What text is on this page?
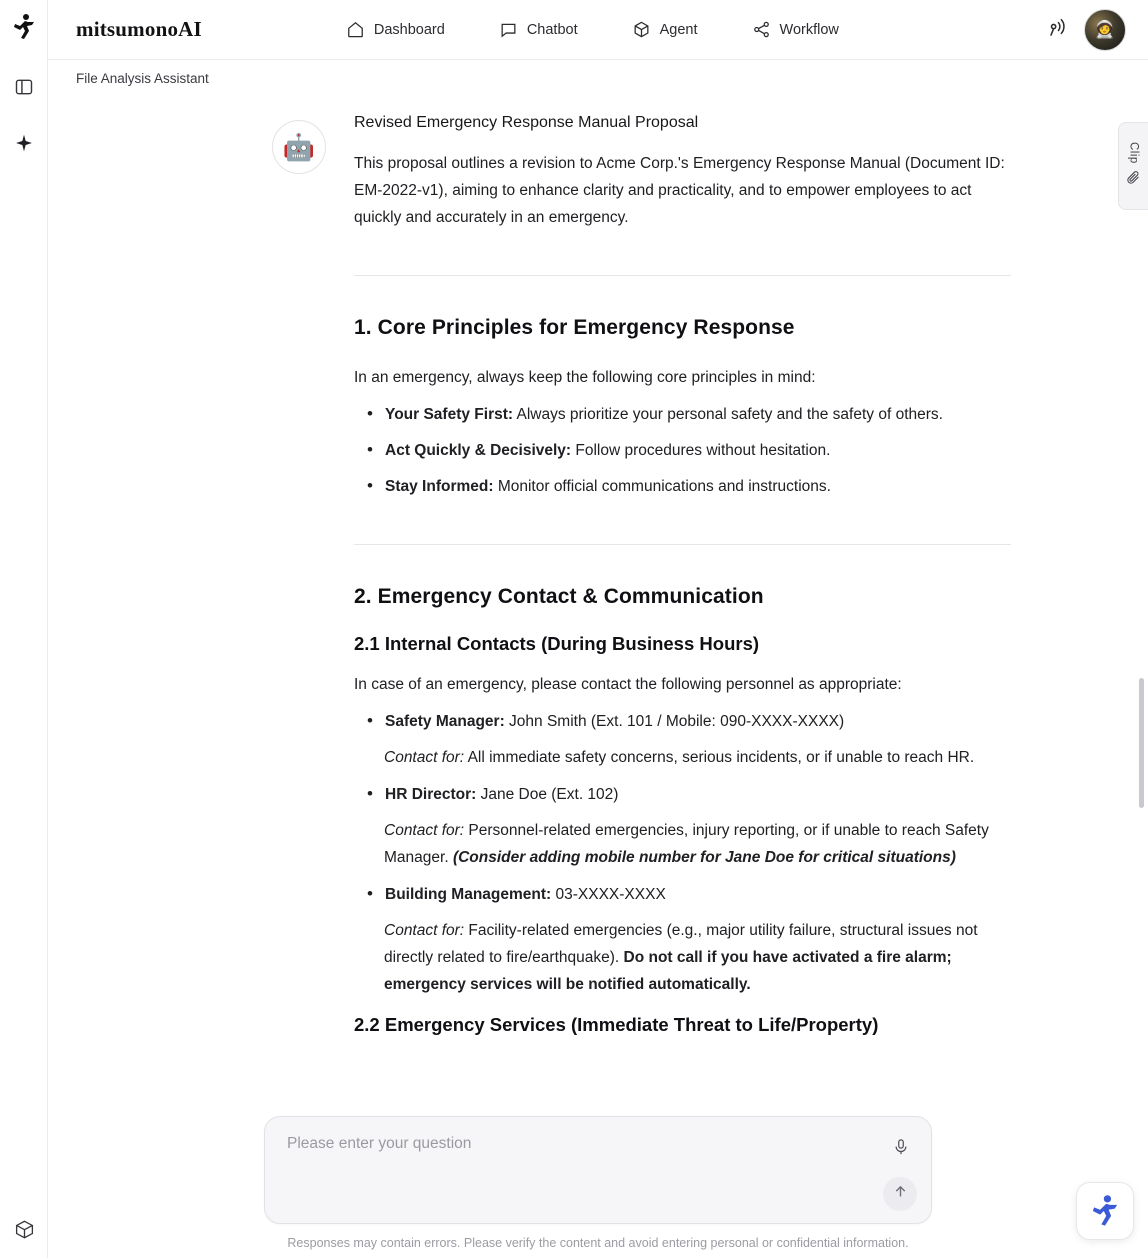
mitsumonoAI	Dashboard	Chatbot	Agent	Workflow	🧑‍🚀
File Analysis Assistant
🤖
Revised Emergency Response Manual Proposal
This proposal outlines a revision to Acme Corp.'s Emergency Response Manual (Document ID: EM-2022-v1), aiming to enhance clarity and practicality, and to empower employees to act quickly and accurately in an emergency.
1. Core Principles for Emergency Response
In an emergency, always keep the following core principles in mind:
• Your Safety First: Always prioritize your personal safety and the safety of others.
• Act Quickly & Decisively: Follow procedures without hesitation.
• Stay Informed: Monitor official communications and instructions.
2. Emergency Contact & Communication
2.1 Internal Contacts (During Business Hours)
In case of an emergency, please contact the following personnel as appropriate:
• Safety Manager: John Smith (Ext. 101 / Mobile: 090-XXXX-XXXX)
Contact for: All immediate safety concerns, serious incidents, or if unable to reach HR.
• HR Director: Jane Doe (Ext. 102)
Contact for: Personnel-related emergencies, injury reporting, or if unable to reach Safety Manager. (Consider adding mobile number for Jane Doe for critical situations)
• Building Management: 03-XXXX-XXXX
Contact for: Facility-related emergencies (e.g., major utility failure, structural issues not directly related to fire/earthquake). Do not call if you have activated a fire alarm; emergency services will be notified automatically.
2.2 Emergency Services (Immediate Threat to Life/Property)
Clip
Please enter your question
Responses may contain errors. Please verify the content and avoid entering personal or confidential information.
